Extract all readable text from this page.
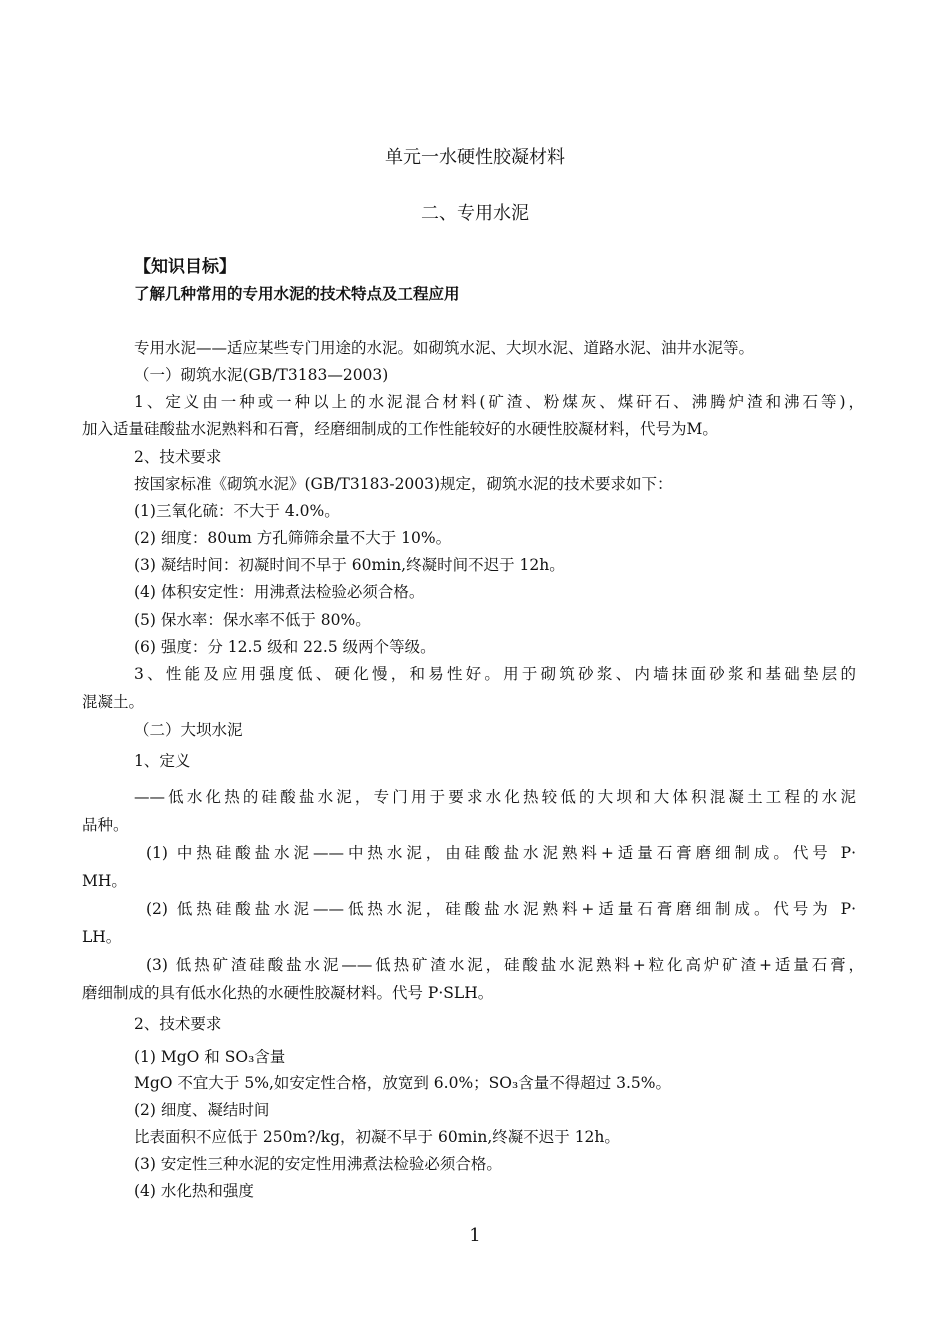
单元一水硬性胶凝材料
二、专用水泥
【知识目标】
了解几种常用的专用水泥的技术特点及工程应用
专用水泥——适应某些专门用途的水泥。如砌筑水泥、大坝水泥、道路水泥、油井水泥等。
（一）砌筑水泥(GB/T3183—2003)
1、定义由一种或一种以上的水泥混合材料(矿渣、粉煤灰、煤矸石、沸腾炉渣和沸石等)，
加入适量硅酸盐水泥熟料和石膏，经磨细制成的工作性能较好的水硬性胶凝材料，代号为M。
2、技术要求
按国家标准《砌筑水泥》(GB/T3183-2003)规定，砌筑水泥的技术要求如下：
(1)三氧化硫：不大于 4.0%。
(2) 细度：80um 方孔筛筛余量不大于 10%。
(3) 凝结时间：初凝时间不早于 60min,终凝时间不迟于 12h。
(4) 体积安定性：用沸煮法检验必须合格。
(5) 保水率：保水率不低于 80%。
(6) 强度：分 12.5 级和 22.5 级两个等级。
3、性能及应用强度低、硬化慢，和易性好。用于砌筑砂浆、内墙抹面砂浆和基础垫层的
混凝土。
（二）大坝水泥
1、定义
——低水化热的硅酸盐水泥，专门用于要求水化热较低的大坝和大体积混凝土工程的水泥
品种。
(1) 中热硅酸盐水泥——中热水泥，由硅酸盐水泥熟料+适量石膏磨细制成。代号 P·
MH。
(2) 低热硅酸盐水泥——低热水泥，硅酸盐水泥熟料+适量石膏磨细制成。代号为 P·
LH。
(3) 低热矿渣硅酸盐水泥——低热矿渣水泥，硅酸盐水泥熟料+粒化高炉矿渣+适量石膏，
磨细制成的具有低水化热的水硬性胶凝材料。代号 P·SLH。
2、技术要求
(1) MgO 和 SO₃含量
MgO 不宜大于 5%,如安定性合格，放宽到 6.0%；SO₃含量不得超过 3.5%。
(2) 细度、凝结时间
比表面积不应低于 250m?/kg，初凝不早于 60min,终凝不迟于 12h。
(3) 安定性三种水泥的安定性用沸煮法检验必须合格。
(4) 水化热和强度
1
